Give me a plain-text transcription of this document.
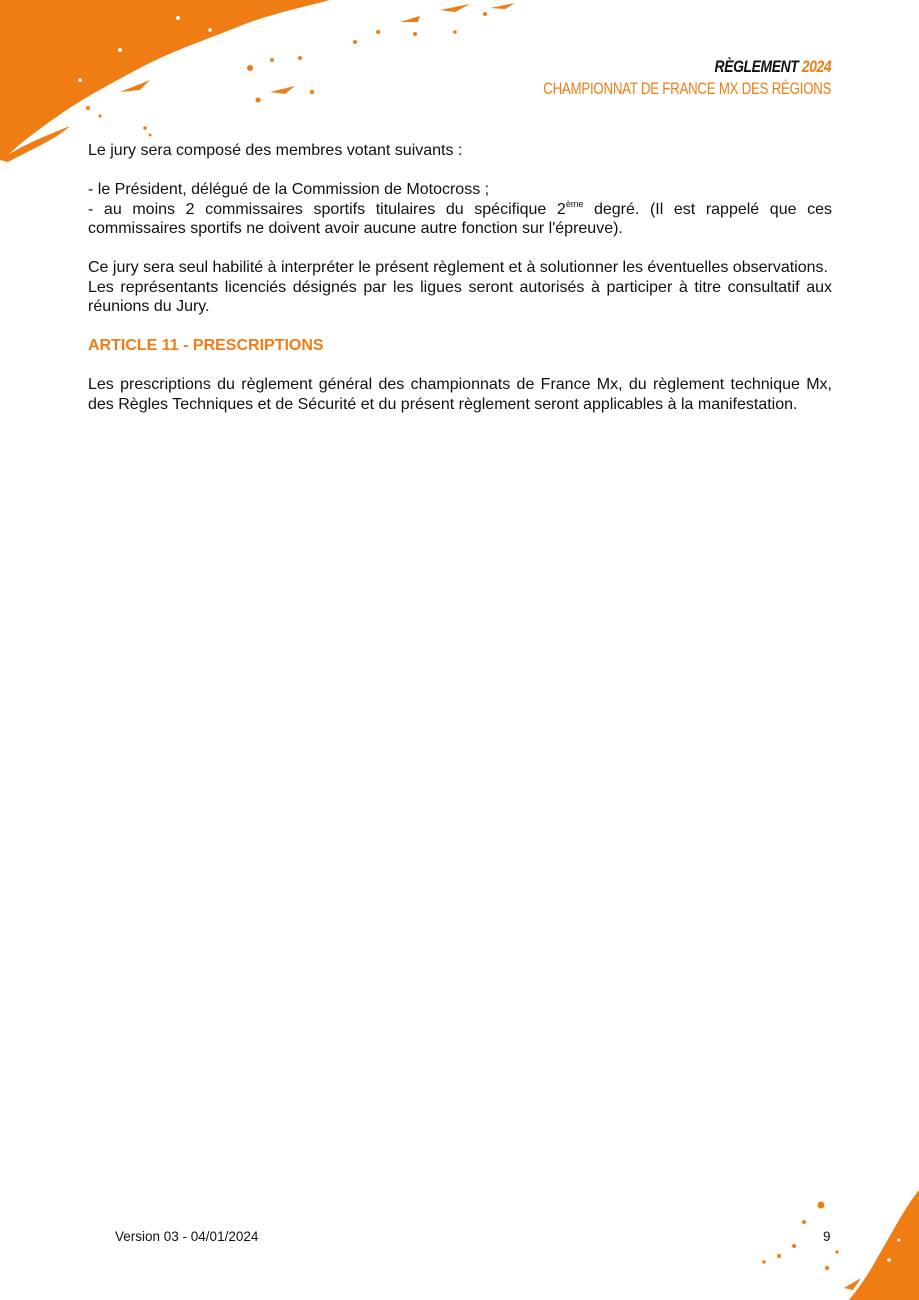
RÈGLEMENT 2024
CHAMPIONNAT DE FRANCE MX DES RÉGIONS

Le jury sera composé des membres votant suivants :

- le Président, délégué de la Commission de Motocross ;

- au moins 2 commissaires sportifs titulaires du spécifique 2ème degré. (Il est rappelé que ces commissaires sportifs ne doivent avoir aucune autre fonction sur l'épreuve).

Ce jury sera seul habilité à interpréter le présent règlement et à solutionner les éventuelles observations.

Les représentants licenciés désignés par les ligues seront autorisés à participer à titre consultatif aux réunions du Jury.

ARTICLE 11 - PRESCRIPTIONS

Les prescriptions du règlement général des championnats de France Mx, du règlement technique Mx, des Règles Techniques et de Sécurité et du présent règlement seront applicables à la manifestation.

Version 03 - 04/01/2024	9
